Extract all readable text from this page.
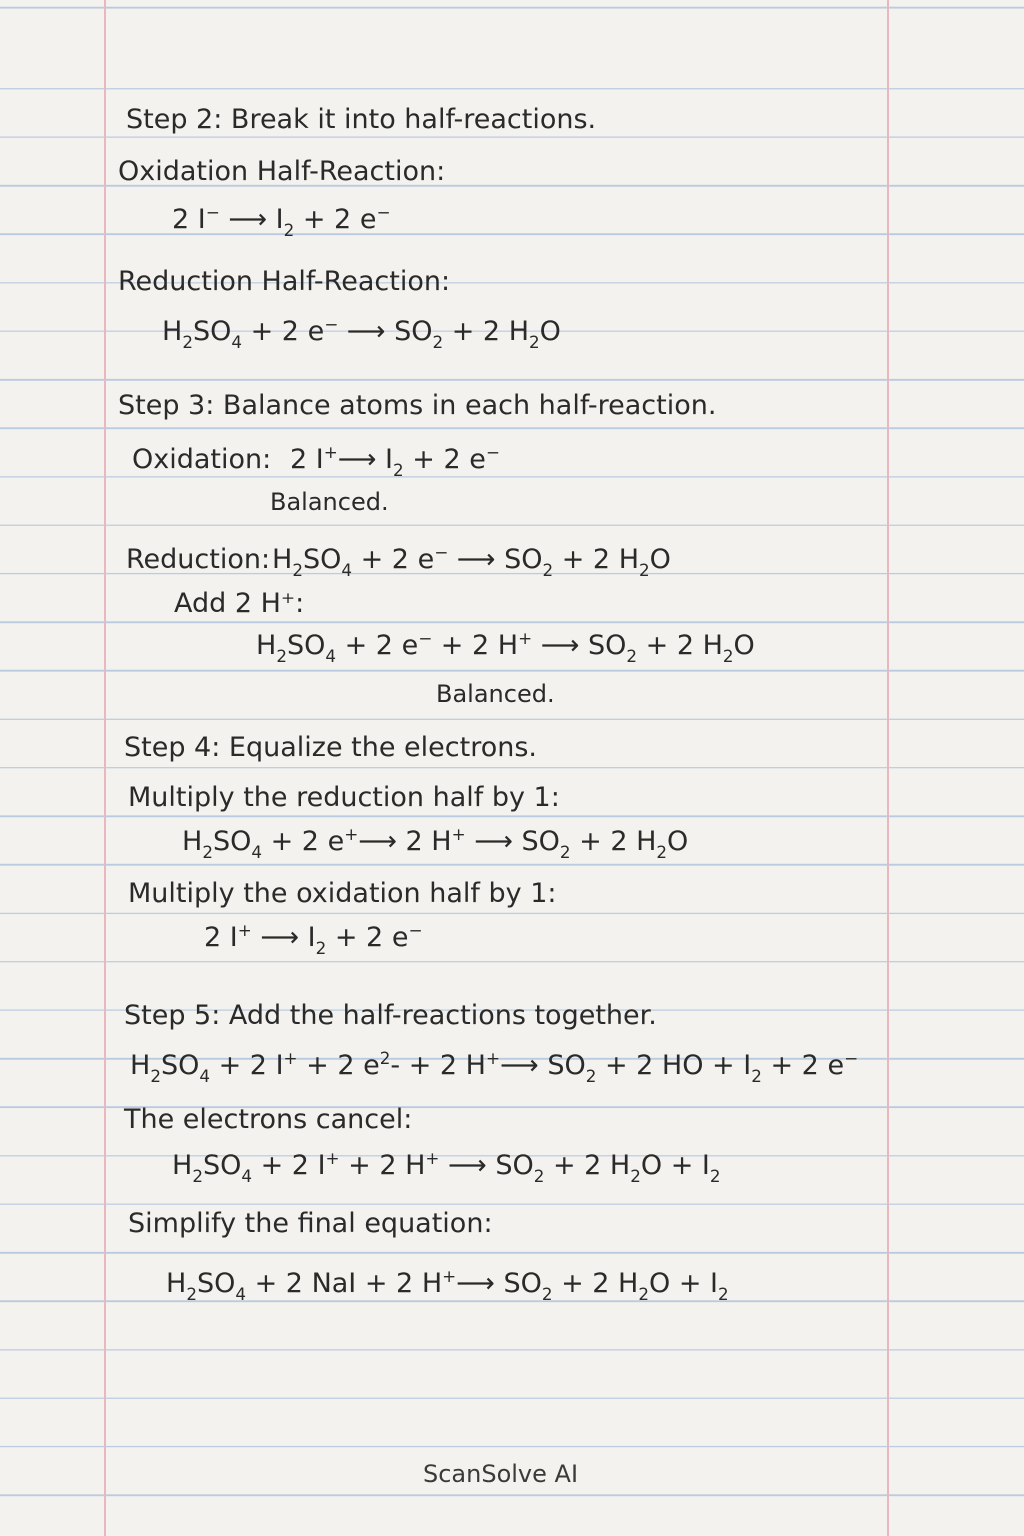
Step 2: Break it into half-reactions.
Oxidation Half-Reaction:
2 I− ⟶ $I_2 + 2$ e−
Reduction Half-Reaction:
$H_2SO_4 + 2$ e− ⟶ $SO_2 + 2$ $H_2O$
Step 3: Balance atoms in each half-reaction.
Oxidation: 2 I+⟶ $I_2 + 2$ e−
Balanced.
Reduction: $H_2SO_4 + 2$ e− ⟶ $SO_2 + 2$ $H_2O$
Add 2 H⁺:
$H_2SO_4 + 2$ e− + 2 H+ ⟶ $SO_2 + 2$ $H_2O$
Balanced.
Step 4: Equalize the electrons.
Multiply the reduction half by 1:
$H_2SO_4 + 2$ e+⟶ 2 H+ ⟶ $SO_2 + 2$ $H_2O$
Multiply the oxidation half by 1:
2 I+ ⟶ $I_2 + 2$ e−
Step 5: Add the half-reactions together.
$H_2SO_4 + 2$ I+ + 2 $e^2- + 2$ H+⟶ $SO_2 + 2$ HO + $I_2 + 2$ e−
The electrons cancel:
$H_2SO_4 + 2$ I+ + 2 H+ ⟶ $SO_2 + 2$ $H_2O + I_2$
Simplify the final equation:
$H_2SO_4 + 2$ NaI + 2 H+⟶ $SO_2 + 2$ $H_2O + I_2$
ScanSolve AI
